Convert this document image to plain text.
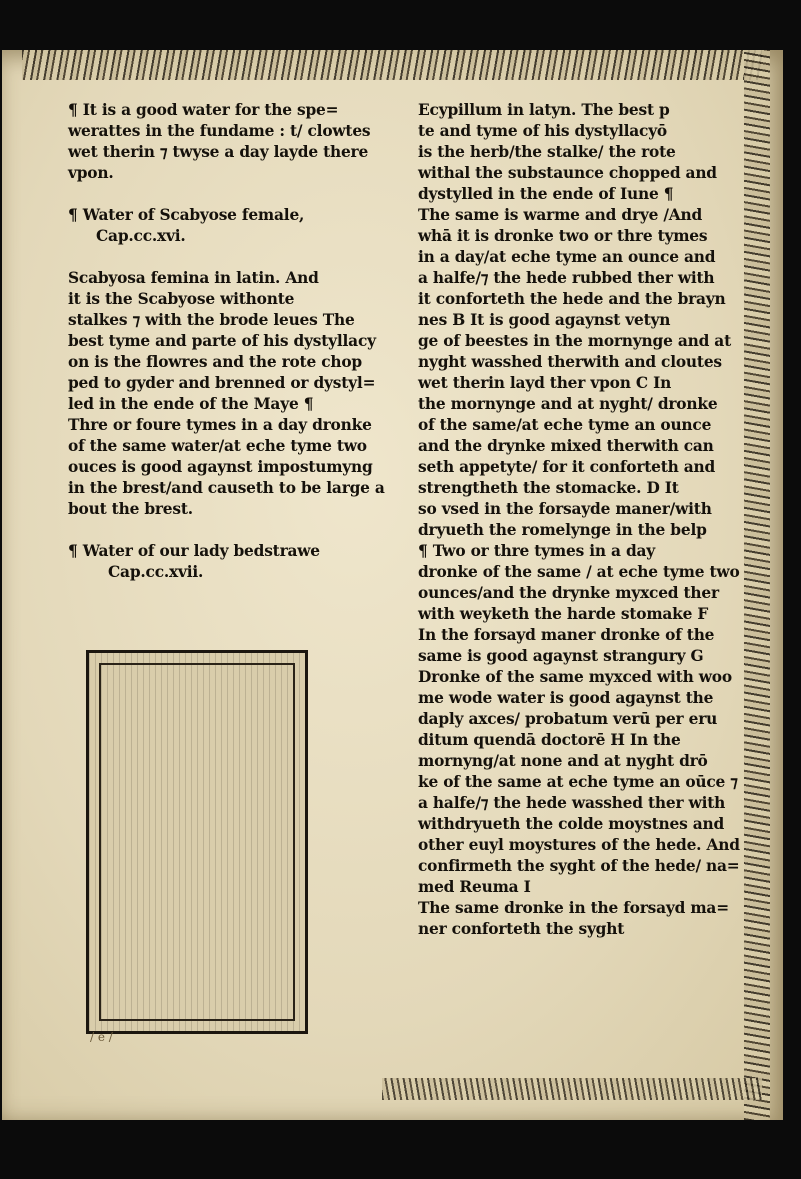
¶ It is a good water for the spe=

werattes in the fundame : t/ clowtes

wet therin ⁊ twyse a day layde there

vpon.

¶ Water of Scabyose female,

Cap.cc.xvi.

Scabyosa femina in latin. And

it is the Scabyose withonte

stalkes ⁊ with the brode leues The

best tyme and parte of his dystyllacy

on is the flowres and the rote chop

ped to gyder and brenned or dystyl=

led in the ende of the Maye ¶

Thre or foure tymes in a day dronke

of the same water/at eche tyme two

ouces is good agaynst impostumyng

in the brest/and causeth to be large a

bout the brest.

¶ Water of our lady bedstrawe

Cap.cc.xvii.

Ecypillum in latyn. The best p

te and tyme of his dystyllacyō

is the herb/the stalke/ the rote

withal the substaunce chopped and

dystylled in the ende of Iune ¶

The same is warme and drye /And

whā it is dronke two or thre tymes

in a day/at eche tyme an ounce and

a halfe/⁊ the hede rubbed ther with

it conforteth the hede and the brayn

nes B It is good agaynst vetyn

ge of beestes in the mornynge and at

nyght wasshed therwith and cloutes

wet therin layd ther vpon C In

the mornynge and at nyght/ dronke

of the same/at eche tyme an ounce

and the drynke mixed therwith can

seth appetyte/ for it conforteth and

strengtheth the stomacke. D It

so vsed in the forsayde maner/with

dryueth the romelynge in the belp

¶ Two or thre tymes in a day

dronke of the same / at eche tyme two

ounces/and the drynke myxced ther

with weyketh the harde stomake F

In the forsayd maner dronke of the

same is good agaynst strangury G

Dronke of the same myxced with woo

me wode water is good agaynst the

daply axces/ probatum verū per eru

ditum quendā doctorē H In the

mornyng/at none and at nyght drō

ke of the same at eche tyme an oūce ⁊

a halfe/⁊ the hede wasshed ther with

withdryueth the colde moystnes and

other euyl moystures of the hede. And

confirmeth the syght of the hede/ na=

med Reuma I

The same dronke in the forsayd ma=

ner conforteth the syght

/ e /
